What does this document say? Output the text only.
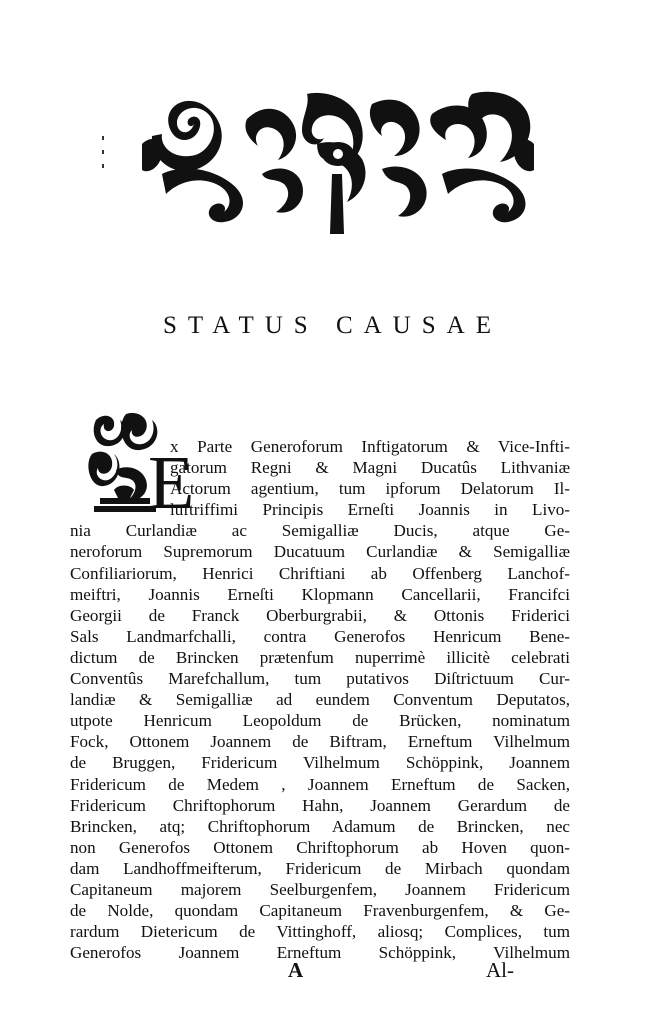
STATUS CAUSAE
E
x Parte Generoforum Inftigatorum & Vice-Infti-
gatorum Regni & Magni Ducatûs Lithvaniæ
Actorum agentium, tum ipforum Delatorum Il-
luftriffimi Principis Erneſti Joannis in Livo-
nia Curlandiæ ac Semigalliæ Ducis, atque Ge-
neroforum Supremorum Ducatuum Curlandiæ & Semigalliæ
Confiliariorum, Henrici Chriftiani ab Offenberg Lanchof-
meiftri, Joannis Erneſti Klopmann Cancellarii, Francifci
Georgii de Franck Oberburgrabii, & Ottonis Friderici
Sals Landmarfchalli, contra Generofos Henricum Bene-
dictum de Brincken prætenfum nuperrimè illicitè celebrati
Conventûs Marefchallum, tum putativos Diſtrictuum Cur-
landiæ & Semigalliæ ad eundem Conventum Deputatos,
utpote Henricum Leopoldum de Brücken, nominatum
Fock, Ottonem Joannem de Biftram, Erneftum Vilhelmum
de Bruggen, Fridericum Vilhelmum Schöppink, Joannem
Fridericum de Medem , Joannem Erneftum de Sacken,
Fridericum Chriftophorum Hahn, Joannem Gerardum de
Brincken, atq; Chriftophorum Adamum de Brincken, nec
non Generofos Ottonem Chriftophorum ab Hoven quon-
dam Landhoffmeifterum, Fridericum de Mirbach quondam
Capitaneum majorem Seelburgenfem, Joannem Fridericum
de Nolde, quondam Capitaneum Fravenburgenfem, & Ge-
rardum Dietericum de Vittinghoff, aliosq; Complices, tum
Generofos Joannem Erneftum Schöppink, Vilhelmum
A	Al-
